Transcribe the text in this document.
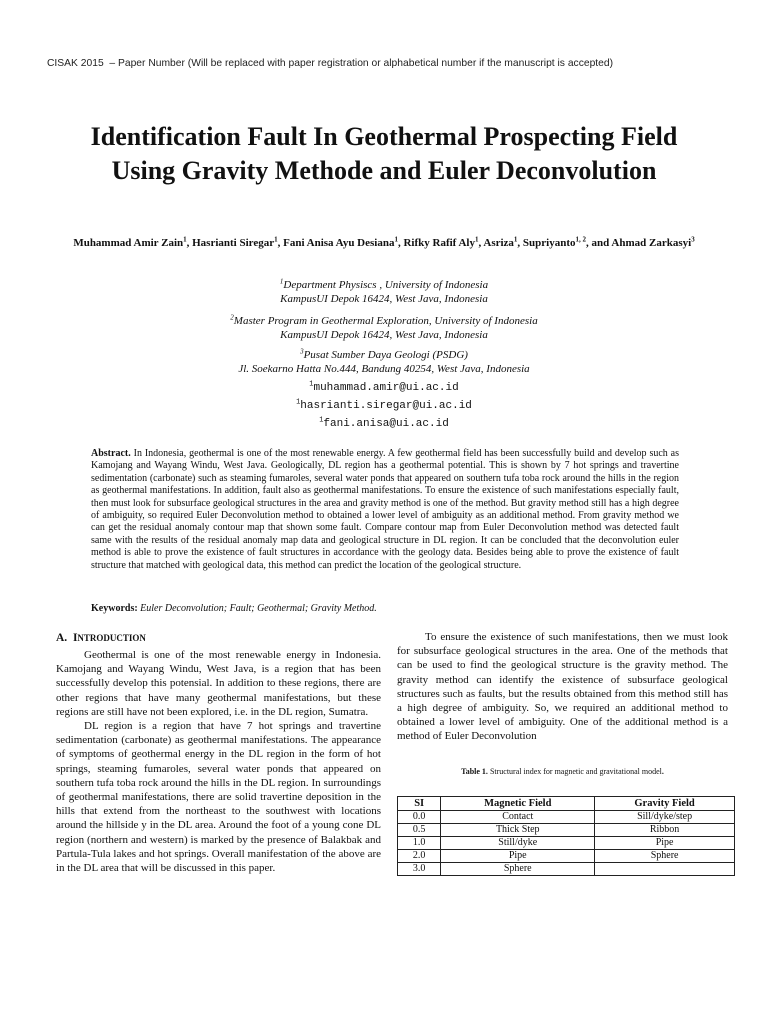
CISAK 2015  – Paper Number (Will be replaced with paper registration or alphabetical number if the manuscript is accepted)
Identification Fault In Geothermal Prospecting Field Using Gravity Methode and Euler Deconvolution
Muhammad Amir Zain$^1$, Hasrianti Siregar$^1$, Fani Anisa Ayu Desiana$^1$, Rifky Rafif Aly$^1$, Asriza$^1$, Supriyanto$^{1, 2}$, and Ahmad Zarkasyi$^3$
$^1$Department Physiscs , University of Indonesia
KampusUI Depok 16424, West Java, Indonesia
$^2$Master Program in Geothermal Exploration, University of Indonesia
KampusUI Depok 16424, West Java, Indonesia
$^3$Pusat Sumber Daya Geologi (PSDG)
Jl. Soekarno Hatta No.444, Bandung 40254, West Java, Indonesia
$^1$muhammad.amir@ui.ac.id
$^1$hasrianti.siregar@ui.ac.id
$^1$fani.anisa@ui.ac.id
Abstract. In Indonesia, geothermal is one of the most renewable energy. A few geothermal field has been successfully build and develop such as Kamojang and Wayang Windu, West Java. Geologically, DL region has a geothermal potential. This is shown by 7 hot springs and travertine sedimentation (carbonate) such as steaming fumaroles, several water ponds that appeared on southern tufa toba rock around the hills in the region as geothermal manifestations. In addition, fault also as geothermal manifestations. To ensure the existence of such manifestations especially fault, then must look for subsurface geological structures in the area and gravity method is one of the method. But gravity method still has a high degree of ambiguity, so required Euler Deconvolution method to obtained a lower level of ambiguity as an additional method. From gravity method we can get the residual anomaly contour map that shown some fault. Compare contour map from Euler Deconvolution method was detected fault same with the results of the residual anomaly map data and geological structure in DL region. It can be concluded that the deconvolution euler method is able to prove the existence of fault structures in accordance with the geology data. Besides being able to prove the existence of fault structure that matched with geological data, this method can predict the location of the geological structure.
Keywords: Euler Deconvolution; Fault; Geothermal; Gravity Method.
A. INTRODUCTION

Geothermal is one of the most renewable energy in Indonesia. Kamojang and Wayang Windu, West Java, is a region that has been successfully develop this potensial. In addition to these regions, there are other regions that have many geothermal manifestations, but these regions are still have not been explored, i.e. in the DL region, Sumatra.

DL region is a region that have 7 hot springs and travertine sedimentation (carbonate) as geothermal manifestations. The appearance of symptoms of geothermal energy in the DL region in the form of hot springs, steaming fumaroles, several water ponds that appeared on southern tufa toba rock around the hills in the DL region. In surroundings of geothermal manifestations, there are solid travertine deposition in the hills that extend from the northeast to the southwest with locations around the hillside y in the DL area. Around the foot of a young cone DL region (northern and western) is marked by the presence of Balakbak and Partula-Tula lakes and hot springs. Overall manifestation of the above are in the DL area that will be discussed in this paper.

To ensure the existence of such manifestations, then we must look for subsurface geological structures in the area. One of the methods that can be used to find the geological structure is the gravity method. The gravity method can identify the existence of subsurface geological structures such as faults, but the results obtained from this method still has a high degree of ambiguity. So, we required an additional method to obtained a lower level of ambiguity. One of the additional method is a method of Euler Deconvolution

Table 1. Structural index for magnetic and gravitational model.
SI	Magnetic Field	Gravity Field
0.0	Contact	Sill/dyke/step
0.5	Thick Step	Ribbon
1.0	Still/dyke	Pipe
2.0	Pipe	Sphere
3.0	Sphere	
